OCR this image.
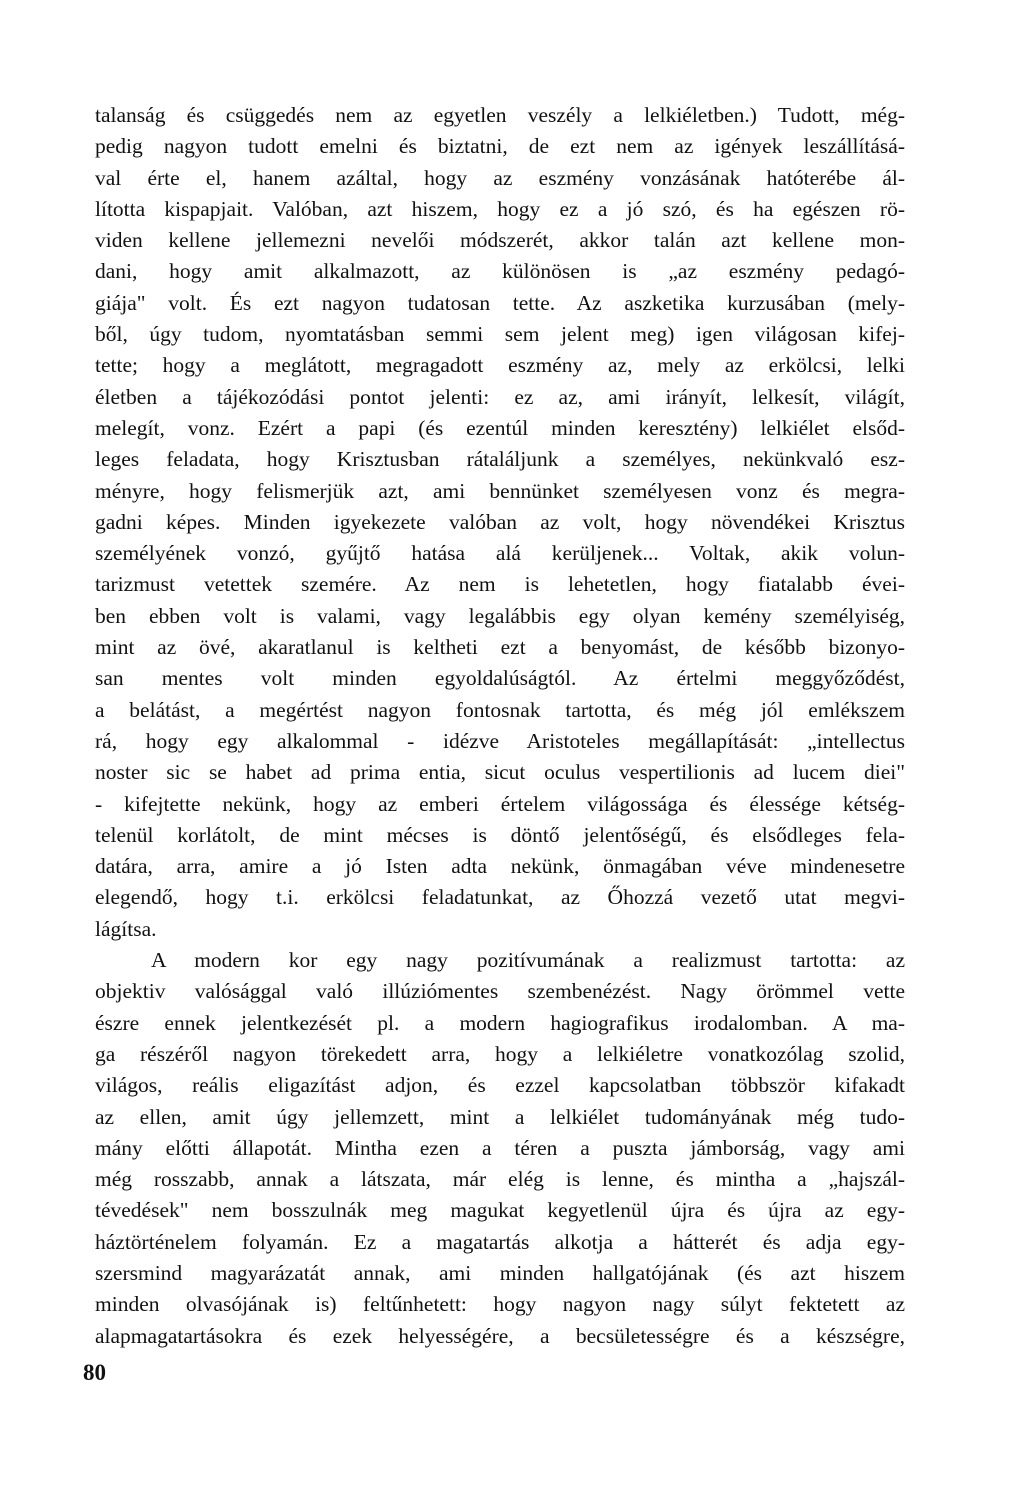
talanság és csüggedés nem az egyetlen veszély a lelkiéletben.) Tudott, még-
pedig nagyon tudott emelni és biztatni, de ezt nem az igények leszállításá-
val érte el, hanem azáltal, hogy az eszmény vonzásának hatóterébe ál-
lította kispapjait. Valóban, azt hiszem, hogy ez a jó szó, és ha egészen rö-
viden kellene jellemezni nevelői módszerét, akkor talán azt kellene mon-
dani, hogy amit alkalmazott, az különösen is „az eszmény pedagó-
giája" volt. És ezt nagyon tudatosan tette. Az aszketika kurzusában (mely-
ből, úgy tudom, nyomtatásban semmi sem jelent meg) igen világosan kifej-
tette; hogy a meglátott, megragadott eszmény az, mely az erkölcsi, lelki
életben a tájékozódási pontot jelenti: ez az, ami irányít, lelkesít, világít,
melegít, vonz. Ezért a papi (és ezentúl minden keresztény) lelkiélet elsőd-
leges feladata, hogy Krisztusban rátaláljunk a személyes, nekünkvaló esz-
ményre, hogy felismerjük azt, ami bennünket személyesen vonz és megra-
gadni képes. Minden igyekezete valóban az volt, hogy növendékei Krisztus
személyének vonzó, gyűjtő hatása alá kerüljenek... Voltak, akik volun-
tarizmust vetettek szemére. Az nem is lehetetlen, hogy fiatalabb évei-
ben ebben volt is valami, vagy legalábbis egy olyan kemény személyiség,
mint az övé, akaratlanul is keltheti ezt a benyomást, de később bizonyo-
san mentes volt minden egyoldalúságtól. Az értelmi meggyőződést,
a belátást, a megértést nagyon fontosnak tartotta, és még jól emlékszem
rá, hogy egy alkalommal - idézve Aristoteles megállapítását: „intellectus
noster sic se habet ad prima entia, sicut oculus vespertilionis ad lucem diei"
- kifejtette nekünk, hogy az emberi értelem világossága és élessége kétség-
telenül korlátolt, de mint mécses is döntő jelentőségű, és elsődleges fela-
datára, arra, amire a jó Isten adta nekünk, önmagában véve mindenesetre
elegendő, hogy t.i. erkölcsi feladatunkat, az Őhozzá vezető utat megvi-
lágítsa.
A modern kor egy nagy pozitívumának a realizmust tartotta: az
objektiv valósággal való illúziómentes szembenézést. Nagy örömmel vette
észre ennek jelentkezését pl. a modern hagiografikus irodalomban. A ma-
ga részéről nagyon törekedett arra, hogy a lelkiéletre vonatkozólag szolid,
világos, reális eligazítást adjon, és ezzel kapcsolatban többször kifakadt
az ellen, amit úgy jellemzett, mint a lelkiélet tudományának még tudo-
mány előtti állapotát. Mintha ezen a téren a puszta jámborság, vagy ami
még rosszabb, annak a látszata, már elég is lenne, és mintha a „hajszál-
tévedések" nem bosszulnák meg magukat kegyetlenül újra és újra az egy-
háztörténelem folyamán. Ez a magatartás alkotja a hátterét és adja egy-
szersmind magyarázatát annak, ami minden hallgatójának (és azt hiszem
minden olvasójának is) feltűnhetett: hogy nagyon nagy súlyt fektetett az
alapmagatartásokra és ezek helyességére, a becsületességre és a készségre,
80
